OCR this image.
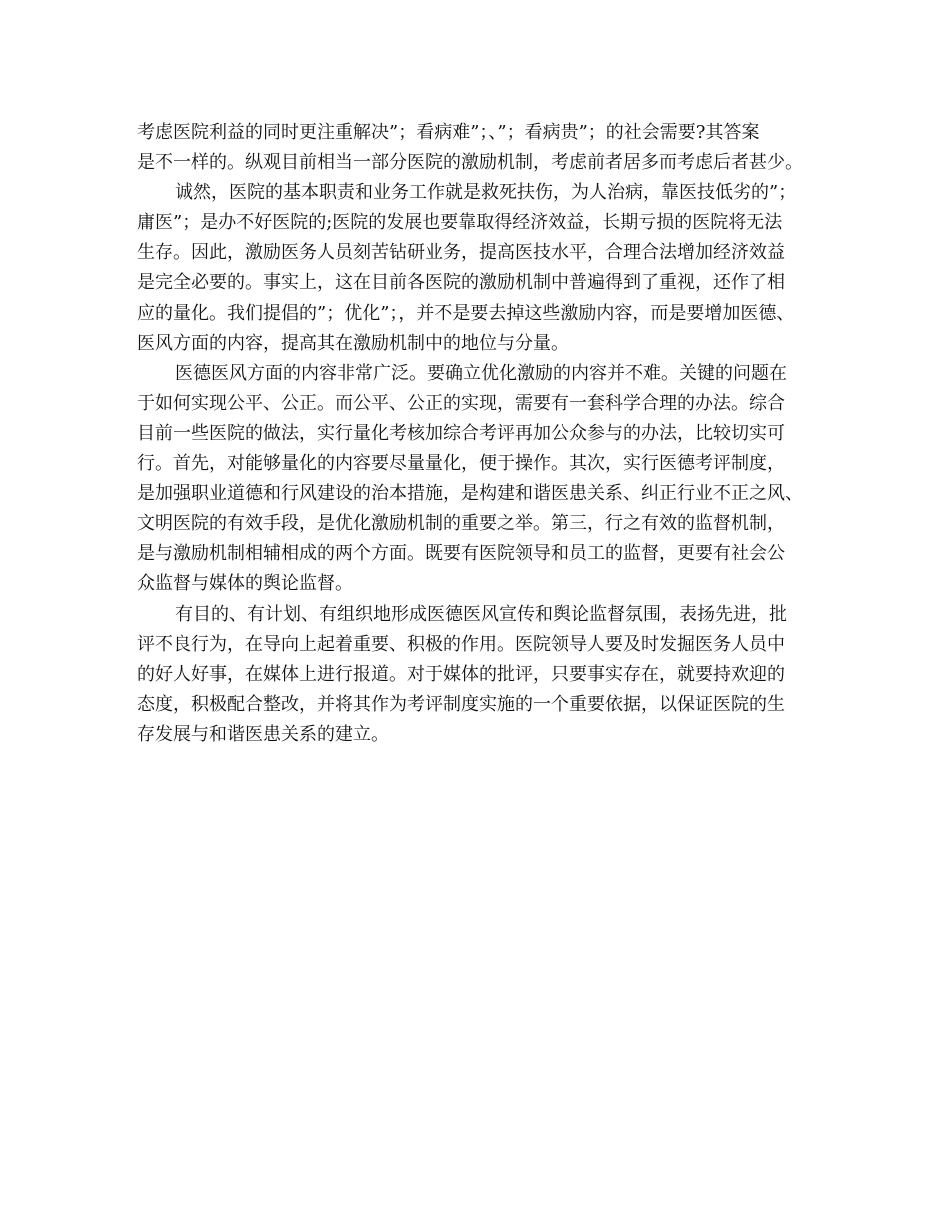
考虑医院利益的同时更注重解决”；看病难”；、”；看病贵”；的社会需要?其答案
是不一样的。纵观目前相当一部分医院的激励机制，考虑前者居多而考虑后者甚少。
诚然，医院的基本职责和业务工作就是救死扶伤，为人治病，靠医技低劣的”；
庸医”；是办不好医院的;医院的发展也要靠取得经济效益，长期亏损的医院将无法
生存。因此，激励医务人员刻苦钻研业务，提高医技水平，合理合法增加经济效益
是完全必要的。事实上，这在目前各医院的激励机制中普遍得到了重视，还作了相
应的量化。我们提倡的”；优化”；，并不是要去掉这些激励内容，而是要增加医德、
医风方面的内容，提高其在激励机制中的地位与分量。
医德医风方面的内容非常广泛。要确立优化激励的内容并不难。关键的问题在
于如何实现公平、公正。而公平、公正的实现，需要有一套科学合理的办法。综合
目前一些医院的做法，实行量化考核加综合考评再加公众参与的办法，比较切实可
行。首先，对能够量化的内容要尽量量化，便于操作。其次，实行医德考评制度，
是加强职业道德和行风建设的治本措施，是构建和谐医患关系、纠正行业不正之风、
文明医院的有效手段，是优化激励机制的重要之举。第三，行之有效的监督机制，
是与激励机制相辅相成的两个方面。既要有医院领导和员工的监督，更要有社会公
众监督与媒体的舆论监督。
有目的、有计划、有组织地形成医德医风宣传和舆论监督氛围，表扬先进，批
评不良行为，在导向上起着重要、积极的作用。医院领导人要及时发掘医务人员中
的好人好事，在媒体上进行报道。对于媒体的批评，只要事实存在，就要持欢迎的
态度，积极配合整改，并将其作为考评制度实施的一个重要依据，以保证医院的生
存发展与和谐医患关系的建立。
